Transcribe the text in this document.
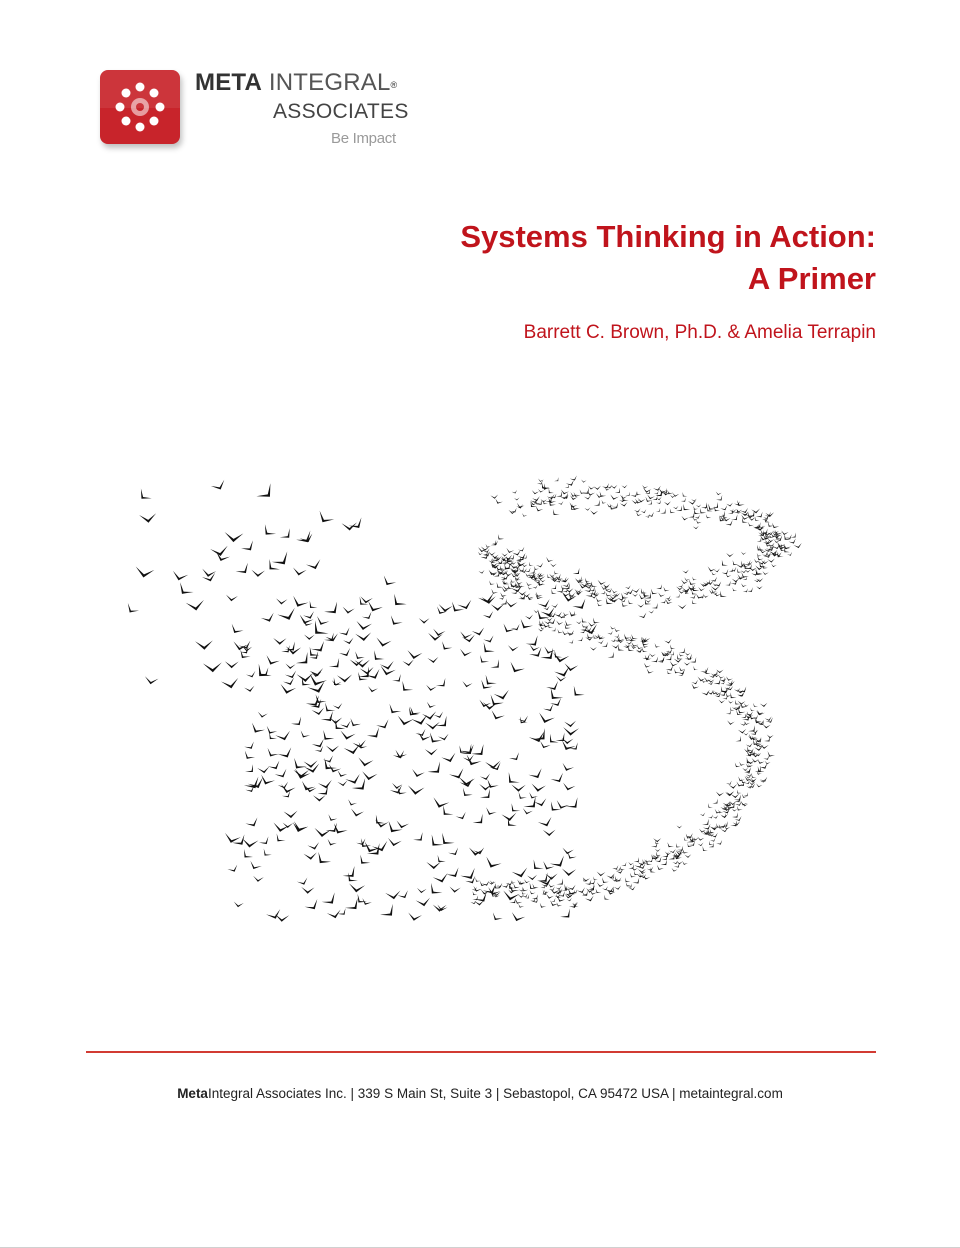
META INTEGRAL®
ASSOCIATES
Be Impact
Systems Thinking in Action:
A Primer
Barrett C. Brown, Ph.D. & Amelia Terrapin
MetaIntegral Associates Inc. | 339 S Main St, Suite 3 | Sebastopol, CA 95472 USA | metaintegral.com
